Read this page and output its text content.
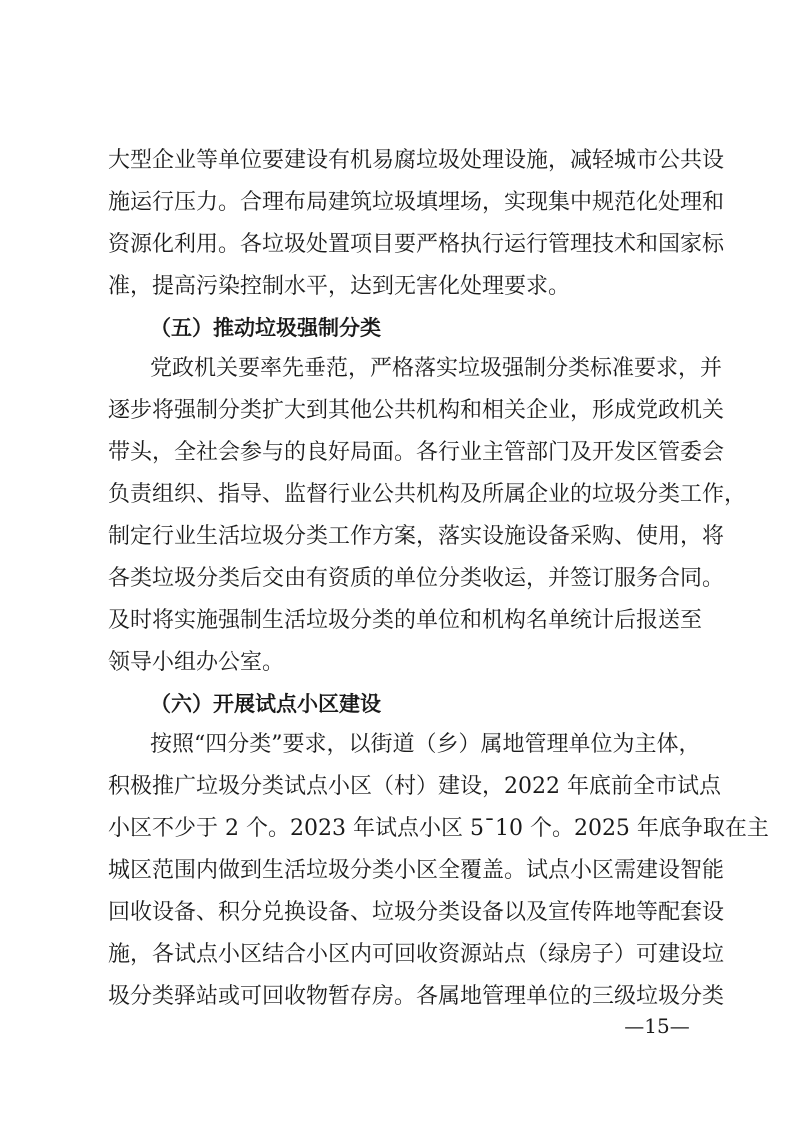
大型企业等单位要建设有机易腐垃圾处理设施，减轻城市公共设
施运行压力。合理布局建筑垃圾填埋场，实现集中规范化处理和
资源化利用。各垃圾处置项目要严格执行运行管理技术和国家标
准，提高污染控制水平，达到无害化处理要求。
（五）推动垃圾强制分类
党政机关要率先垂范，严格落实垃圾强制分类标准要求，并
逐步将强制分类扩大到其他公共机构和相关企业，形成党政机关
带头，全社会参与的良好局面。各行业主管部门及开发区管委会
负责组织、指导、监督行业公共机构及所属企业的垃圾分类工作，
制定行业生活垃圾分类工作方案，落实设施设备采购、使用，将
各类垃圾分类后交由有资质的单位分类收运，并签订服务合同。
及时将实施强制生活垃圾分类的单位和机构名单统计后报送至
领导小组办公室。
（六）开展试点小区建设
按照“四分类”要求，以街道（乡）属地管理单位为主体，
积极推广垃圾分类试点小区（村）建设，2022 年底前全市试点
小区不少于 2 个。2023 年试点小区 5¯10 个。2025 年底争取在主
城区范围内做到生活垃圾分类小区全覆盖。试点小区需建设智能
回收设备、积分兑换设备、垃圾分类设备以及宣传阵地等配套设
施，各试点小区结合小区内可回收资源站点（绿房子）可建设垃
圾分类驿站或可回收物暂存房。各属地管理单位的三级垃圾分类
—15—
